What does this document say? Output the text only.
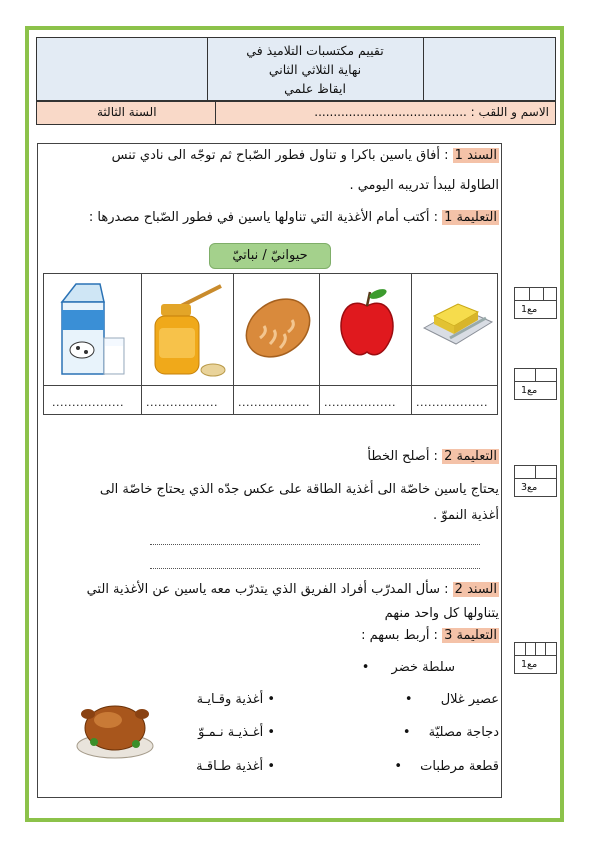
تقييم مكتسبات التلاميذ في
نهاية الثلاثي الثاني
ايقاظ علمي
الاسم و اللقب : ........................................
السنة الثالثة
السند 1 : أفاق ياسين باكرا و تناول فطور الصّباح ثم توجّه الى نادي تنس
الطاولة ليبدأ تدريبه اليومي .
التعليمة 1 : أكتب أمام الأغذية التي تناولها ياسين في فطور الصّباح مصدرها :
حيوانيّ / نباتيّ
.................. .................. .................. .................. ..................
التعليمة 2 : أصلح الخطأ
يحتاج ياسين خاصّة الى أغذية الطاقة على عكس جدّه الذي يحتاج خاصّة الى
أغذية النموّ .
السند 2 : سأل المدرّب أفراد الفريق الذي يتدرّب معه ياسين عن الأغذية التي
يتناولها كل واحد منهم
التعليمة 3 : أربط بسهم :
سلطة خضر •
عصير غلال •
دجاجة مصليّة •
قطعة مرطبات •
• أغذية وقـايـة
• أغـذيـة نـمـوّ
• أغذية طـاقـة
مع1
مع1
مع3
مع1
